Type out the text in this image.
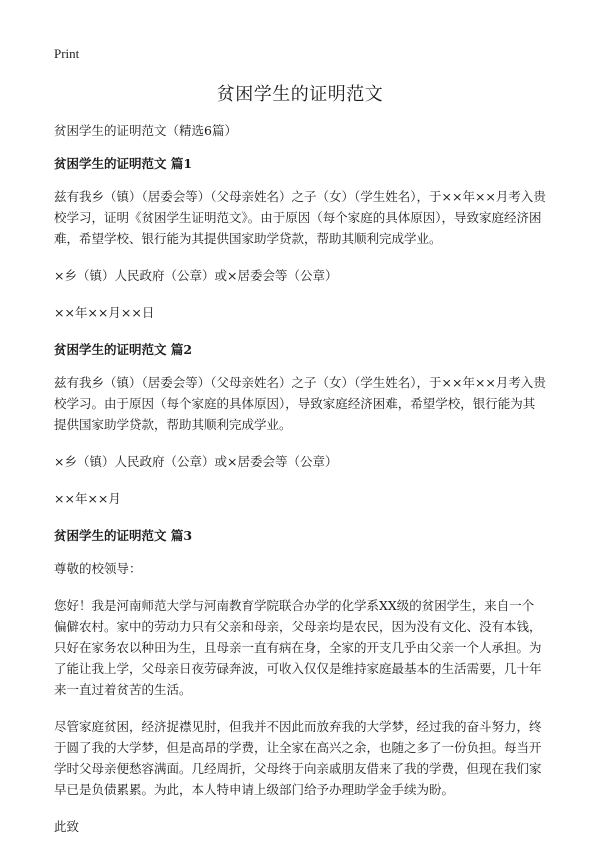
Print
贫困学生的证明范文

贫困学生的证明范文（精选6篇）

贫困学生的证明范文 篇1

兹有我乡（镇）（居委会等）（父母亲姓名）之子（女）（学生姓名），于××年××月考入贵校学习，证明《贫困学生证明范文》。由于原因（每个家庭的具体原因），导致家庭经济困难，希望学校、银行能为其提供国家助学贷款，帮助其顺利完成学业。

×乡（镇）人民政府（公章）或×居委会等（公章）

××年××月××日

贫困学生的证明范文 篇2

兹有我乡（镇）（居委会等）（父母亲姓名）之子（女）（学生姓名），于××年××月考入贵校学习。由于原因（每个家庭的具体原因），导致家庭经济困难，希望学校，银行能为其提供国家助学贷款，帮助其顺利完成学业。

×乡（镇）人民政府（公章）或×居委会等（公章）

××年××月

贫困学生的证明范文 篇3

尊敬的校领导：

您好！我是河南师范大学与河南教育学院联合办学的化学系XX级的贫困学生，来自一个偏僻农村。家中的劳动力只有父亲和母亲，父母亲均是农民，因为没有文化、没有本钱，只好在家务农以种田为生，且母亲一直有病在身，全家的开支几乎由父亲一个人承担。为了能让我上学，父母亲日夜劳碌奔波，可收入仅仅是维持家庭最基本的生活需要，几十年来一直过着贫苦的生活。

尽管家庭贫困，经济捉襟见肘，但我并不因此而放弃我的大学梦，经过我的奋斗努力，终于圆了我的大学梦，但是高昂的学费，让全家在高兴之余，也随之多了一份负担。每当开学时父母亲便愁容满面。几经周折，父母终于向亲戚朋友借来了我的学费，但现在我们家早已是负债累累。为此，本人特申请上级部门给予办理助学金手续为盼。

此致
